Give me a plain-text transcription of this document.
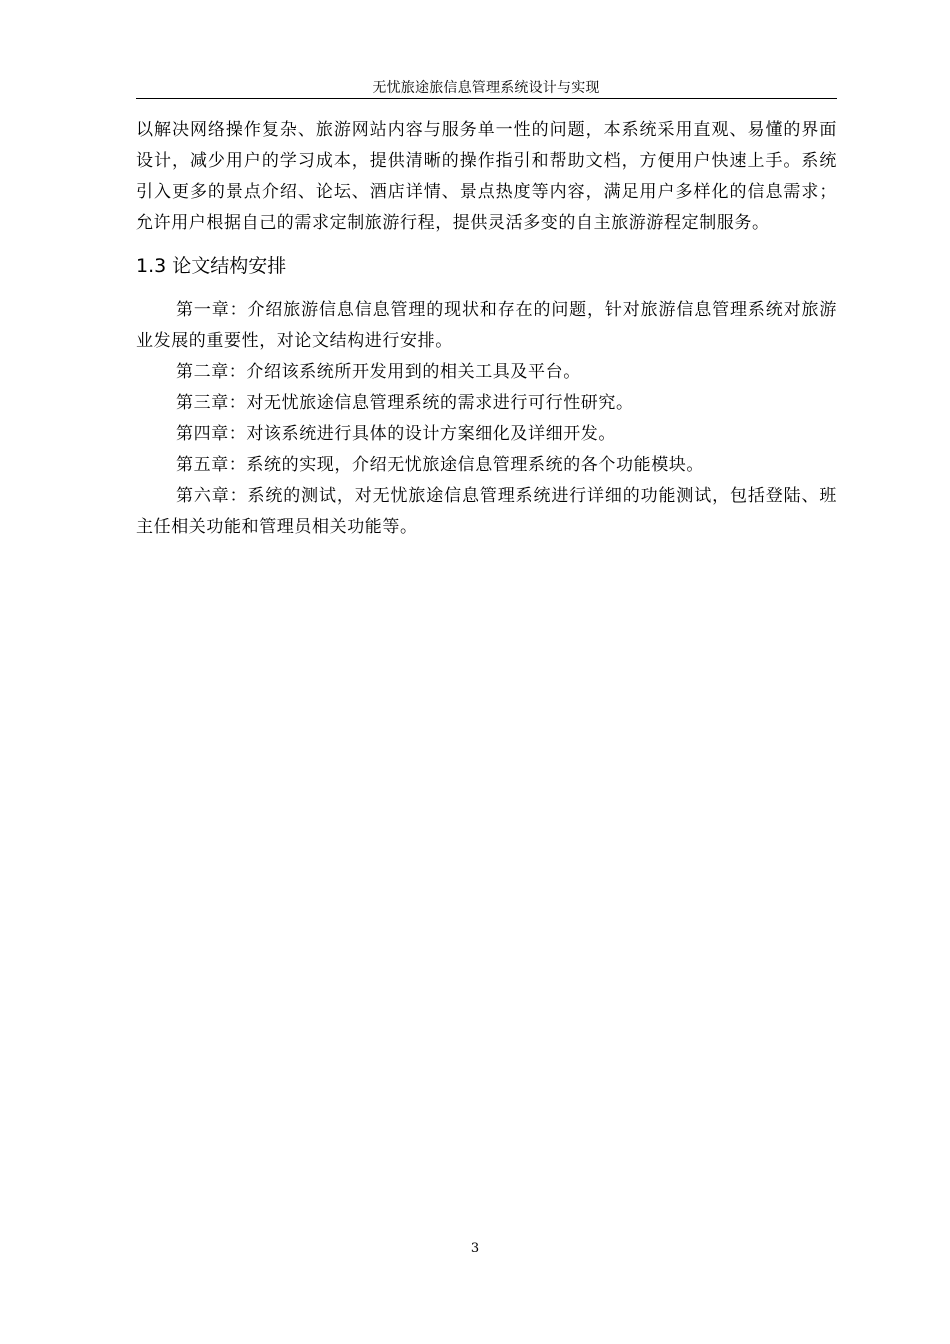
无忧旅途旅信息管理系统设计与实现

以解决网络操作复杂、旅游网站内容与服务单一性的问题，本系统采用直观、易懂的界面设计，减少用户的学习成本，提供清晰的操作指引和帮助文档，方便用户快速上手。系统引入更多的景点介绍、论坛、酒店详情、景点热度等内容，满足用户多样化的信息需求；允许用户根据自己的需求定制旅游行程，提供灵活多变的自主旅游游程定制服务。

1.3 论文结构安排

第一章：介绍旅游信息信息管理的现状和存在的问题，针对旅游信息管理系统对旅游业发展的重要性，对论文结构进行安排。

第二章：介绍该系统所开发用到的相关工具及平台。

第三章：对无忧旅途信息管理系统的需求进行可行性研究。

第四章：对该系统进行具体的设计方案细化及详细开发。

第五章：系统的实现，介绍无忧旅途信息管理系统的各个功能模块。

第六章：系统的测试，对无忧旅途信息管理系统进行详细的功能测试，包括登陆、班主任相关功能和管理员相关功能等。

3
